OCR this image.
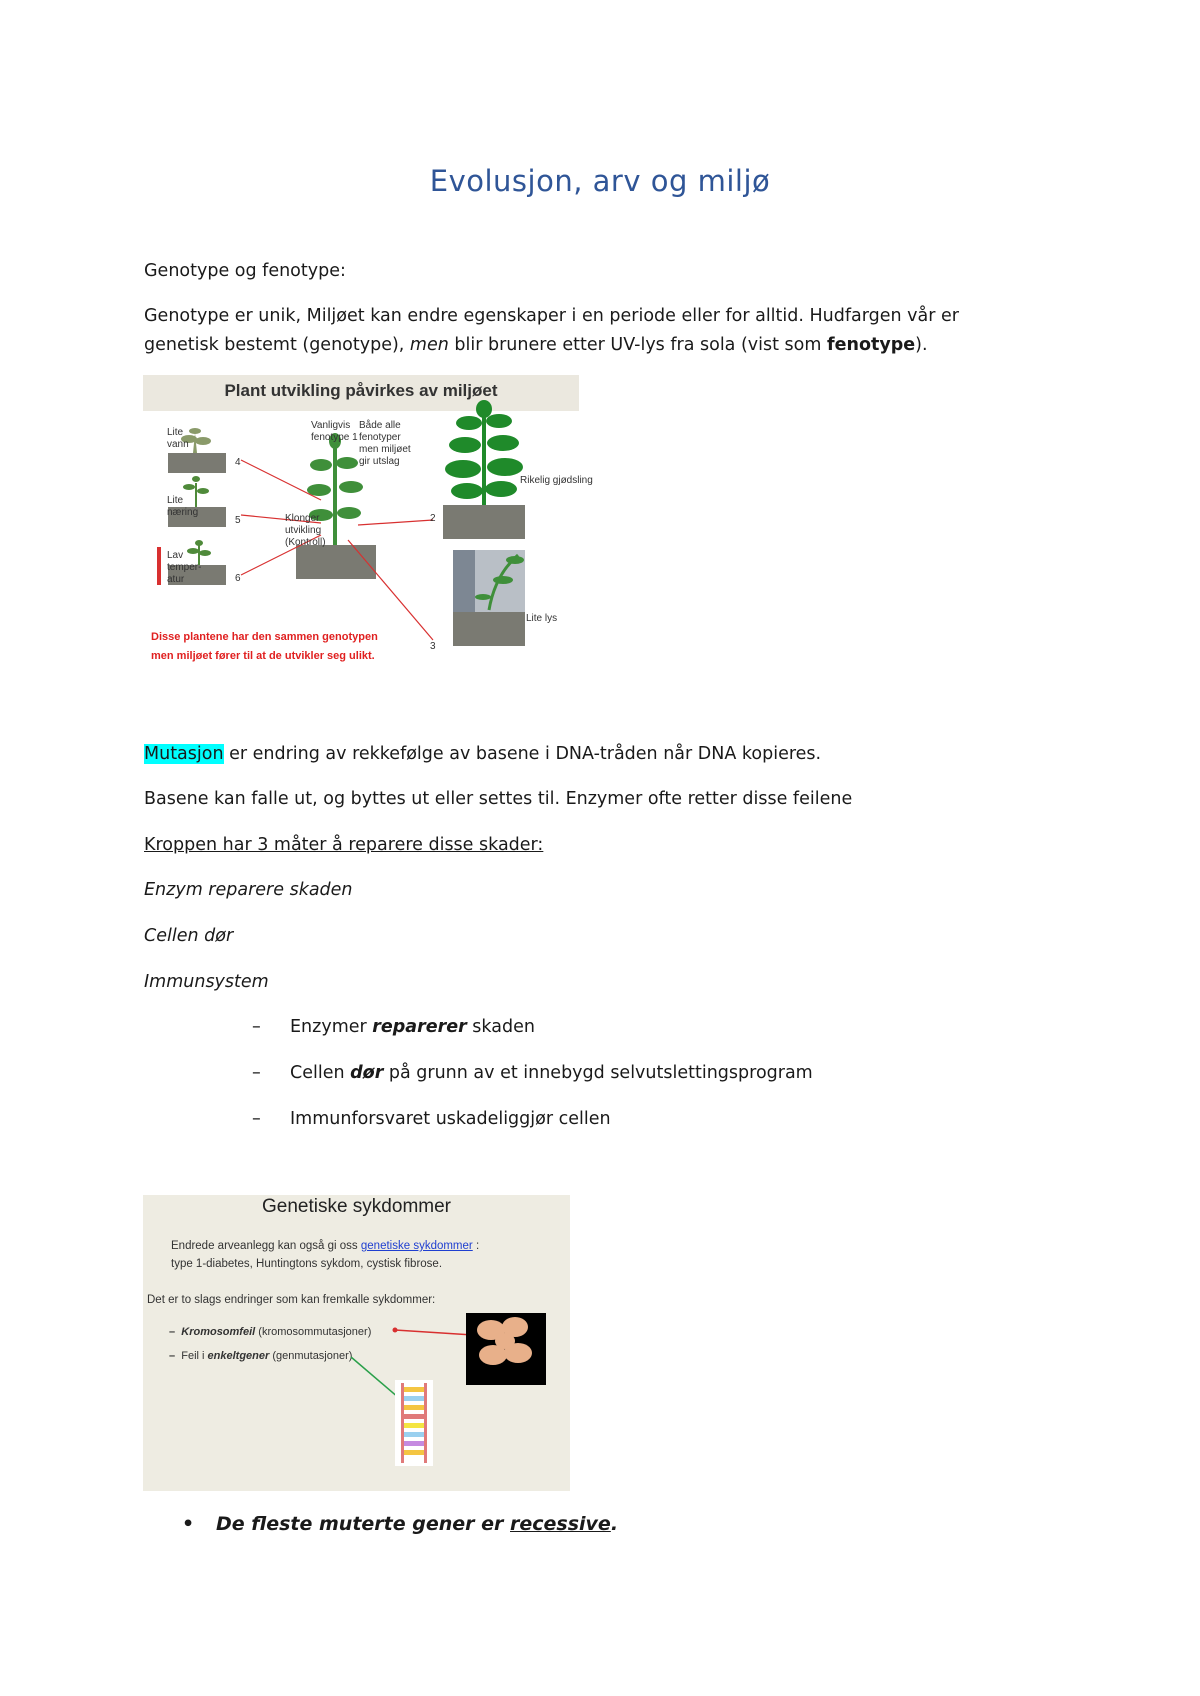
Evolusjon, arv og miljø
Genotype og fenotype:
Genotype er unik, Miljøet kan endre egenskaper i en periode eller for alltid. Hudfargen vår er
genetisk bestemt (genotype), men blir brunere etter UV-lys fra sola (vist som fenotype).
Plant utvikling påvirkes av miljøet
Lite
vann
Lite
næring
Lav
temper-
atur
Vanligvis
fenotype 1
Både alle
fenotyper
men miljøet
gir utslag
Klonger
utvikling
(Kontroll)
Rikelig gjødsling
Lite lys
4
5
6
2
3
Disse plantene har den sammen genotypen
men miljøet fører til at de utvikler seg ulikt.
Mutasjon er endring av rekkefølge av basene i DNA-tråden når DNA kopieres.
Basene kan falle ut, og byttes ut eller settes til. Enzymer ofte retter disse feilene
Kroppen har 3 måter å reparere disse skader:
Enzym reparere skaden
Cellen dør
Immunsystem
–	Enzymer reparerer skaden
–	Cellen dør på grunn av et innebygd selvutslettingsprogram
–	Immunforsvaret uskadeliggjør cellen
Genetiske sykdommer
Endrede arveanlegg kan også gi oss genetiske sykdommer :
type 1-diabetes, Huntingtons sykdom, cystisk fibrose.
Det er to slags endringer som kan fremkalle sykdommer:
– Kromosomfeil (kromosommutasjoner)
– Feil i enkeltgener (genmutasjoner)
• De fleste muterte gener er recessive.
